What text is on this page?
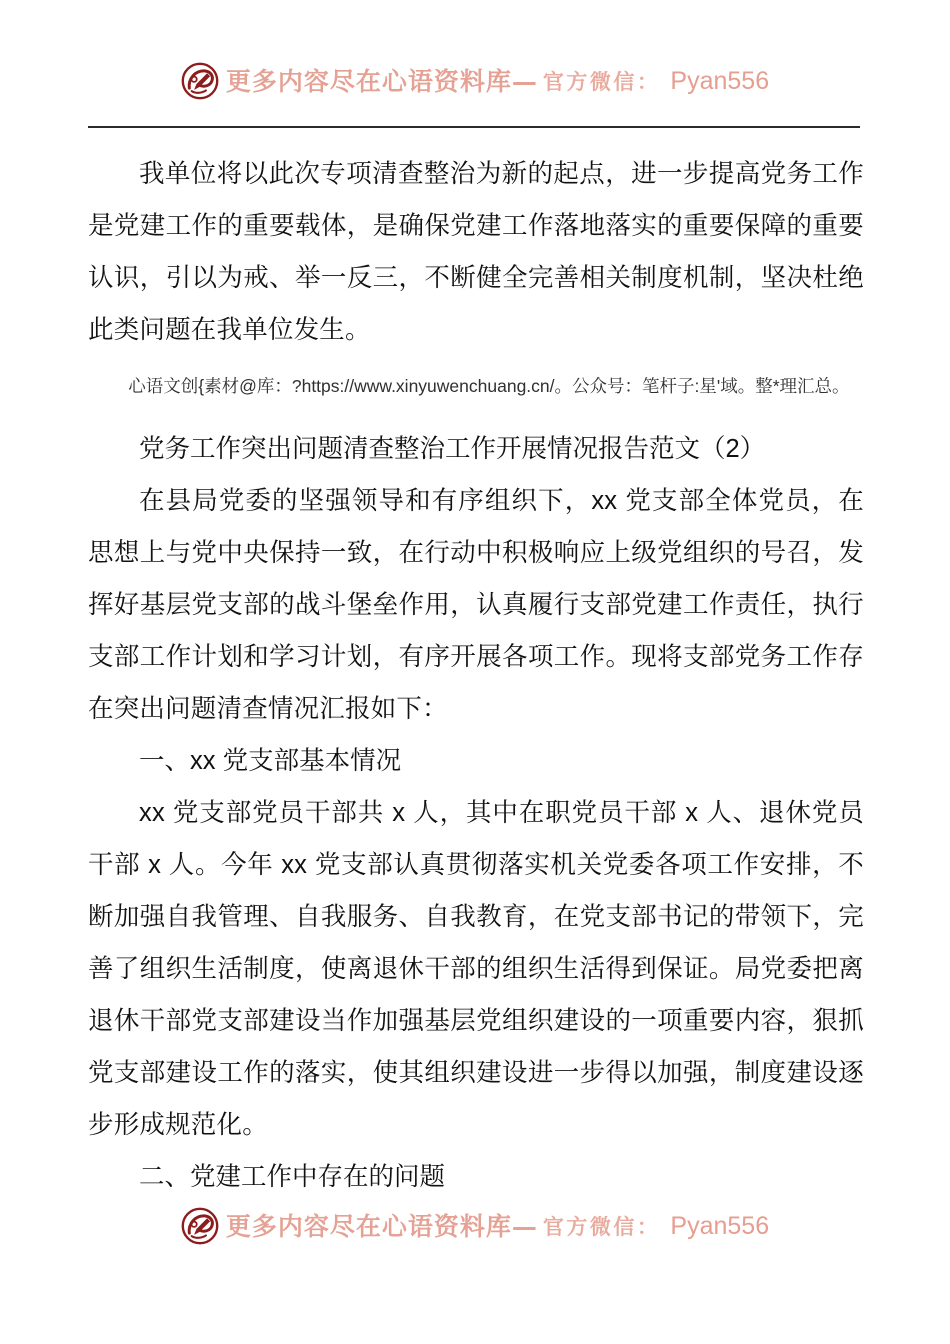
更多内容尽在心语资料库— 官方微信： Pyan556

我单位将以此次专项清查整治为新的起点，进一步提高党务工作是党建工作的重要载体，是确保党建工作落地落实的重要保障的重要认识，引以为戒、举一反三，不断健全完善相关制度机制，坚决杜绝此类问题在我单位发生。

心语文创{素材@库：?https://www.xinyuwenchuang.cn/。公众号：笔杆子:星'域。整*理汇总。

党务工作突出问题清查整治工作开展情况报告范文（2）

在县局党委的坚强领导和有序组织下，xx 党支部全体党员，在思想上与党中央保持一致，在行动中积极响应上级党组织的号召，发挥好基层党支部的战斗堡垒作用，认真履行支部党建工作责任，执行支部工作计划和学习计划，有序开展各项工作。现将支部党务工作存在突出问题清查情况汇报如下：

一、xx 党支部基本情况

xx 党支部党员干部共 x 人，其中在职党员干部 x 人、退休党员干部 x 人。今年 xx 党支部认真贯彻落实机关党委各项工作安排，不断加强自我管理、自我服务、自我教育，在党支部书记的带领下，完善了组织生活制度，使离退休干部的组织生活得到保证。局党委把离退休干部党支部建设当作加强基层党组织建设的一项重要内容，狠抓党支部建设工作的落实，使其组织建设进一步得以加强，制度建设逐步形成规范化。

二、党建工作中存在的问题
更多内容尽在心语资料库— 官方微信： Pyan556
